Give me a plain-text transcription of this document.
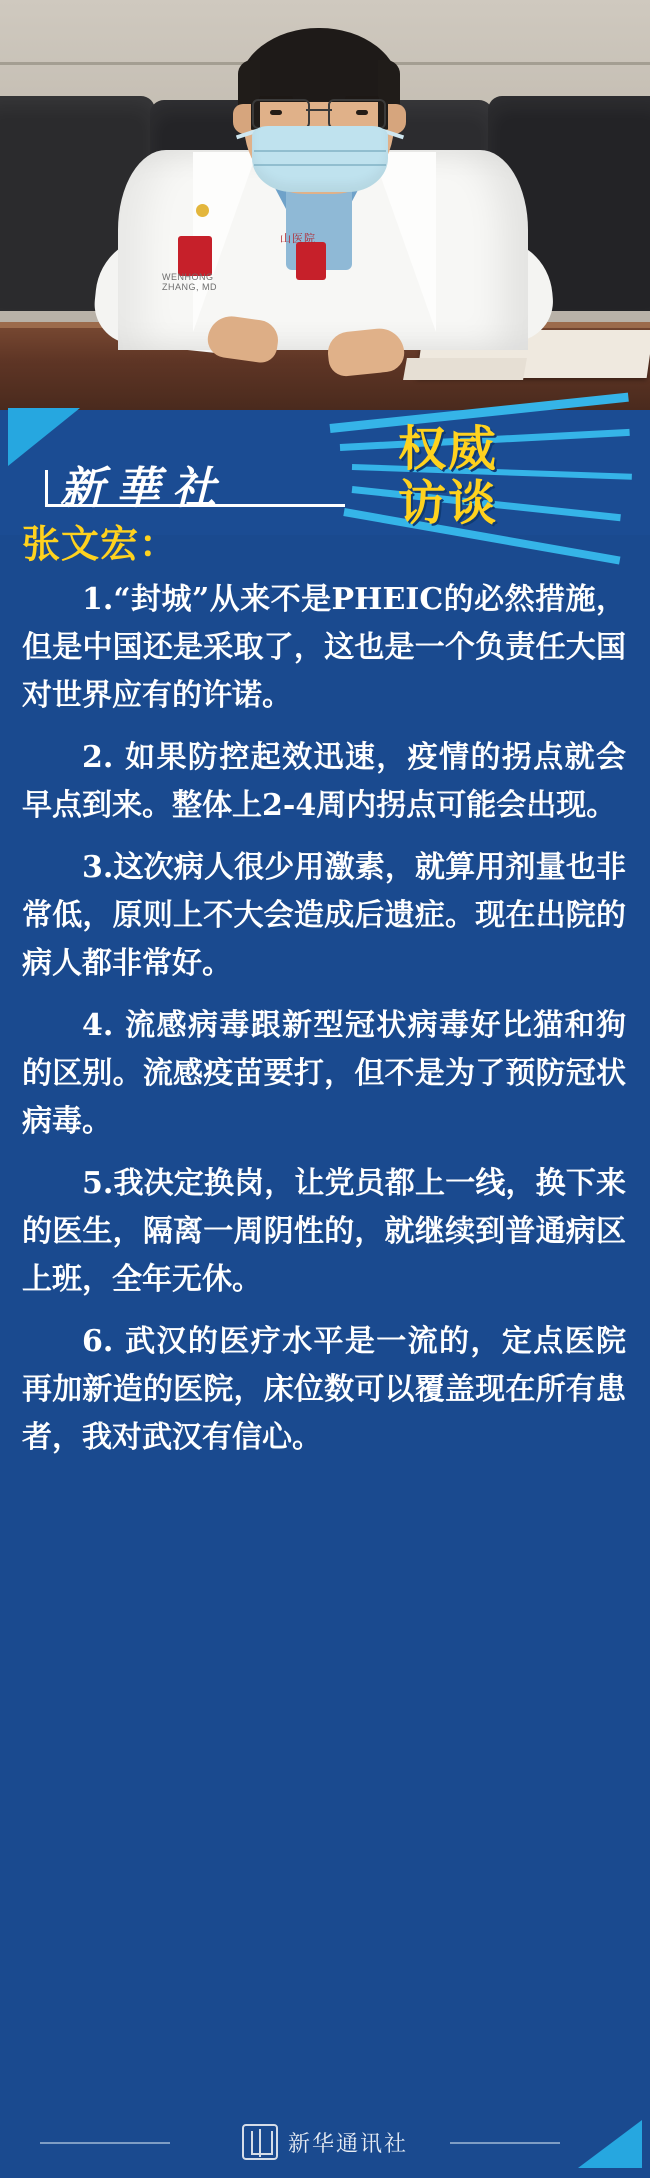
山医院
WENHONG ZHANG, MD
新華社
权威
访谈
张文宏：

1.“封城”从来不是PHEIC的必然措施，但是中国还是采取了，这也是一个负责任大国对世界应有的许诺。

2. 如果防控起效迅速，疫情的拐点就会早点到来。整体上2-4周内拐点可能会出现。

3.这次病人很少用激素，就算用剂量也非常低，原则上不大会造成后遗症。现在出院的病人都非常好。

4. 流感病毒跟新型冠状病毒好比猫和狗的区别。流感疫苗要打，但不是为了预防冠状病毒。

5.我决定换岗，让党员都上一线，换下来的医生，隔离一周阴性的，就继续到普通病区上班，全年无休。

6. 武汉的医疗水平是一流的，定点医院再加新造的医院，床位数可以覆盖现在所有患者，我对武汉有信心。

新华通讯社
